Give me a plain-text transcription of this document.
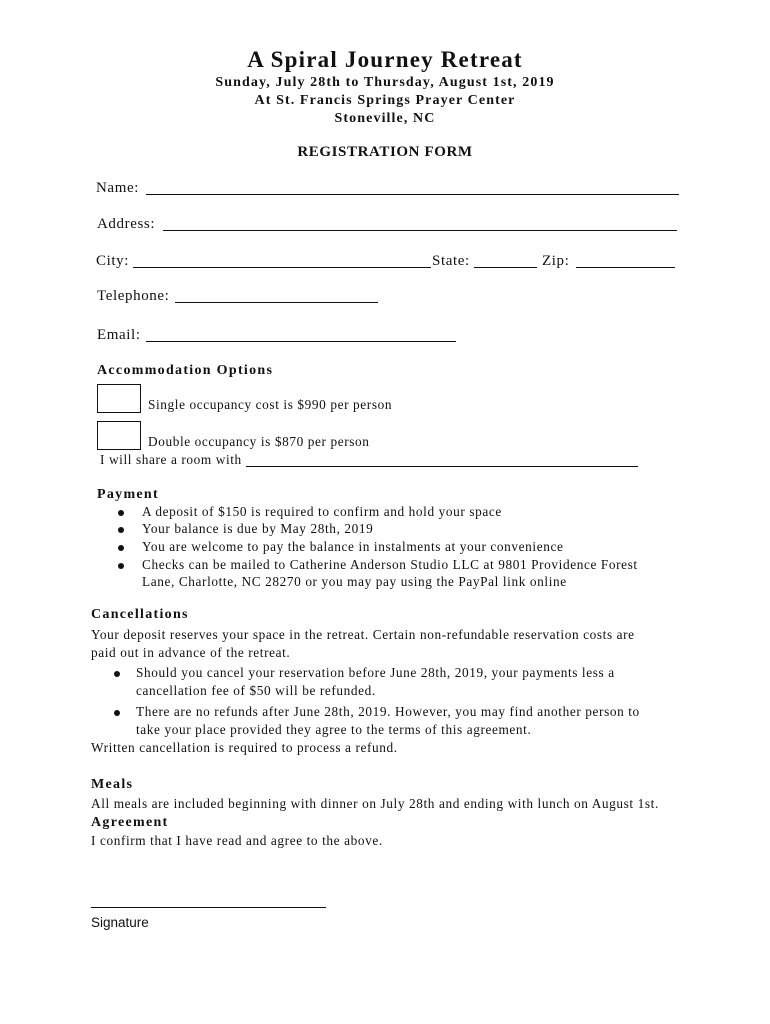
A Spiral Journey Retreat
Sunday, July 28th to Thursday, August 1st, 2019
At St. Francis Springs Prayer Center
Stoneville, NC
REGISTRATION FORM
Name:
Address:
City:	State:	Zip:
Telephone:
Email:
Accommodation Options
Single occupancy cost is $990 per person
Double occupancy is $870 per person
I will share a room with
Payment
A deposit of $150 is required to confirm and hold your space
Your balance is due by May 28th, 2019
You are welcome to pay the balance in instalments at your convenience
Checks can be mailed to Catherine Anderson Studio LLC at 9801 Providence Forest
Lane, Charlotte, NC 28270 or you may pay using the PayPal link online
Cancellations
Your deposit reserves your space in the retreat. Certain non-refundable reservation costs are
paid out in advance of the retreat.
Should you cancel your reservation before June 28th, 2019, your payments less a
cancellation fee of $50 will be refunded.
There are no refunds after June 28th, 2019. However, you may find another person to
take your place provided they agree to the terms of this agreement.
Written cancellation is required to process a refund.
Meals
All meals are included beginning with dinner on July 28th and ending with lunch on August 1st.
Agreement
I confirm that I have read and agree to the above.
Signature
